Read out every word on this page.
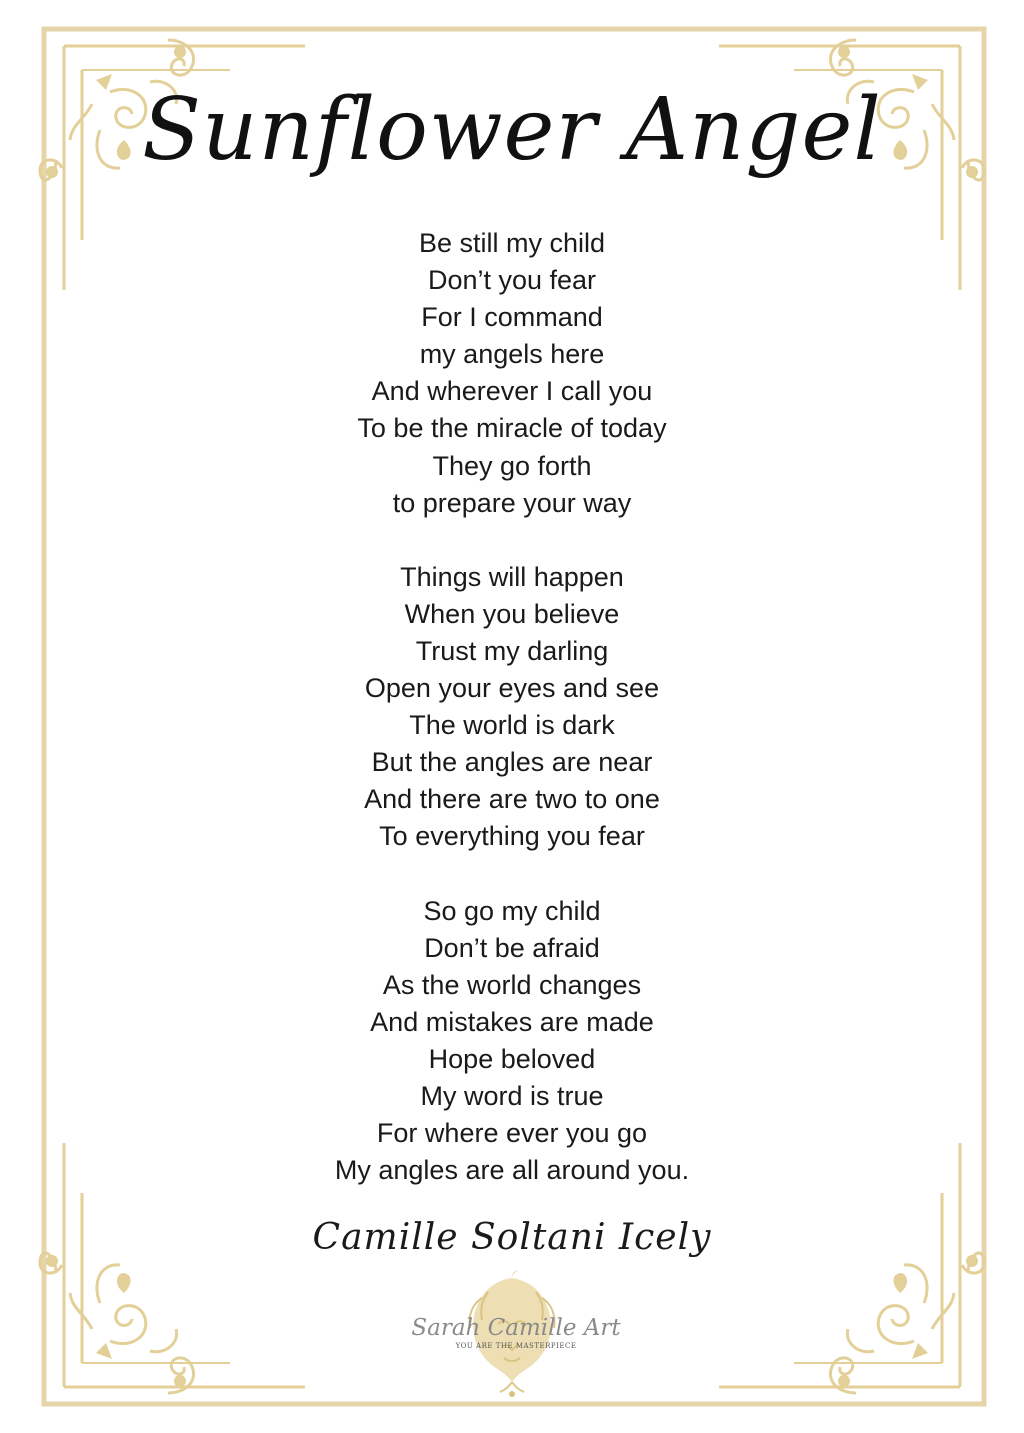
Sunflower Angel
Be still my child
Don’t you fear
For I command
my angels here
And wherever I call you
To be the miracle of today
They go forth
to prepare your way
Things will happen
When you believe
Trust my darling
Open your eyes and see
The world is dark
But the angles are near
And there are two to one
To everything you fear
So go my child
Don’t be afraid
As the world changes
And mistakes are made
Hope beloved
My word is true
For where ever you go
My angles are all around you.
Camille Soltani Icely
Sarah Camille Art
YOU ARE THE MASTERPIECE
